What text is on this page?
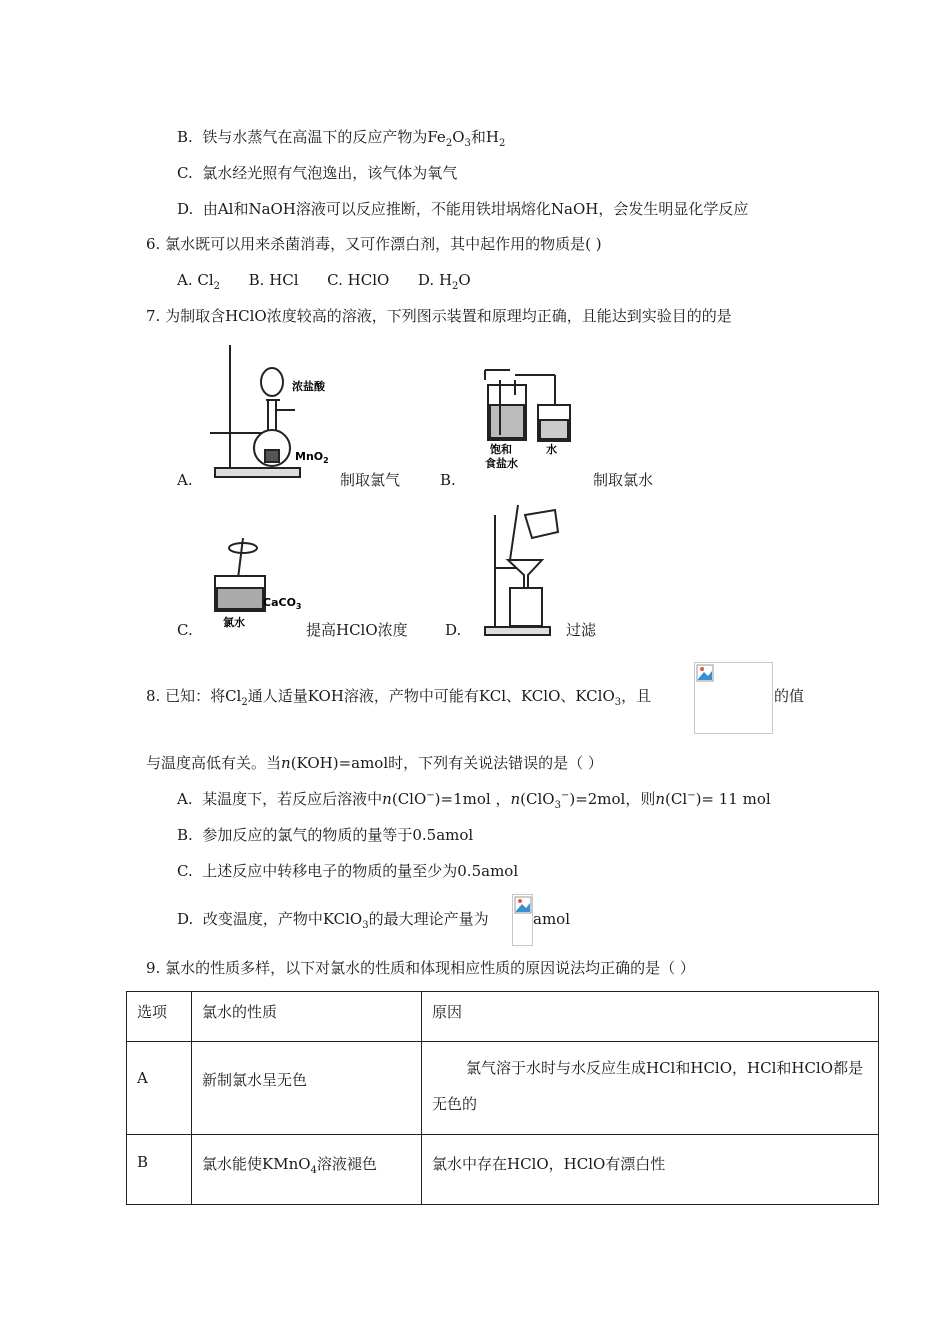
B. 铁与水蒸气在高温下的反应产物为$Fe_2O_3$和$H_2$
C. 氯水经光照有气泡逸出，该气体为氧气
D. 由Al和NaOH溶液可以反应推断，不能用铁坩埚熔化NaOH，会发生明显化学反应
6. 氯水既可以用来杀菌消毒，又可作漂白剂，其中起作用的物质是( )
A. $Cl_2$ B. HCl C. HClO D. $H_2O$
7. 为制取含HClO浓度较高的溶液，下列图示装置和原理均正确，且能达到实验目的的是
浓盐酸
MnO$_2$
A.	制取氯气
饱和
食盐水
水
B.	制取氯水
CaCO$_3$
氯水
C.	提高HClO浓度 D.	过滤
8. 已知：将$Cl_2$通人适量KOH溶液，产物中可能有KCl、KClO、KClO$_3$，且	的值
与温度高低有关。当n(KOH)=amol时，下列有关说法错误的是（ ）
A. 某温度下，若反应后溶液中n(ClO−)=1mol ，n(ClO$_3$−)=2mol，则n(Cl−)= 11 mol
B. 参加反应的氯气的物质的量等于0.5amol
C. 上述反应中转移电子的物质的量至少为0.5amol
D. 改变温度，产物中KClO$_3$的最大理论产量为	amol
9. 氯水的性质多样，以下对氯水的性质和体现相应性质的原因说法均正确的是（ ）
选项	氯水的性质	原因
A	新制氯水呈无色	氯气溶于水时与水反应生成HCl和HClO，HCl和HClO都是无色的
B	氯水能使KMnO$_4$溶液褪色	氯水中存在HClO，HClO有漂白性
